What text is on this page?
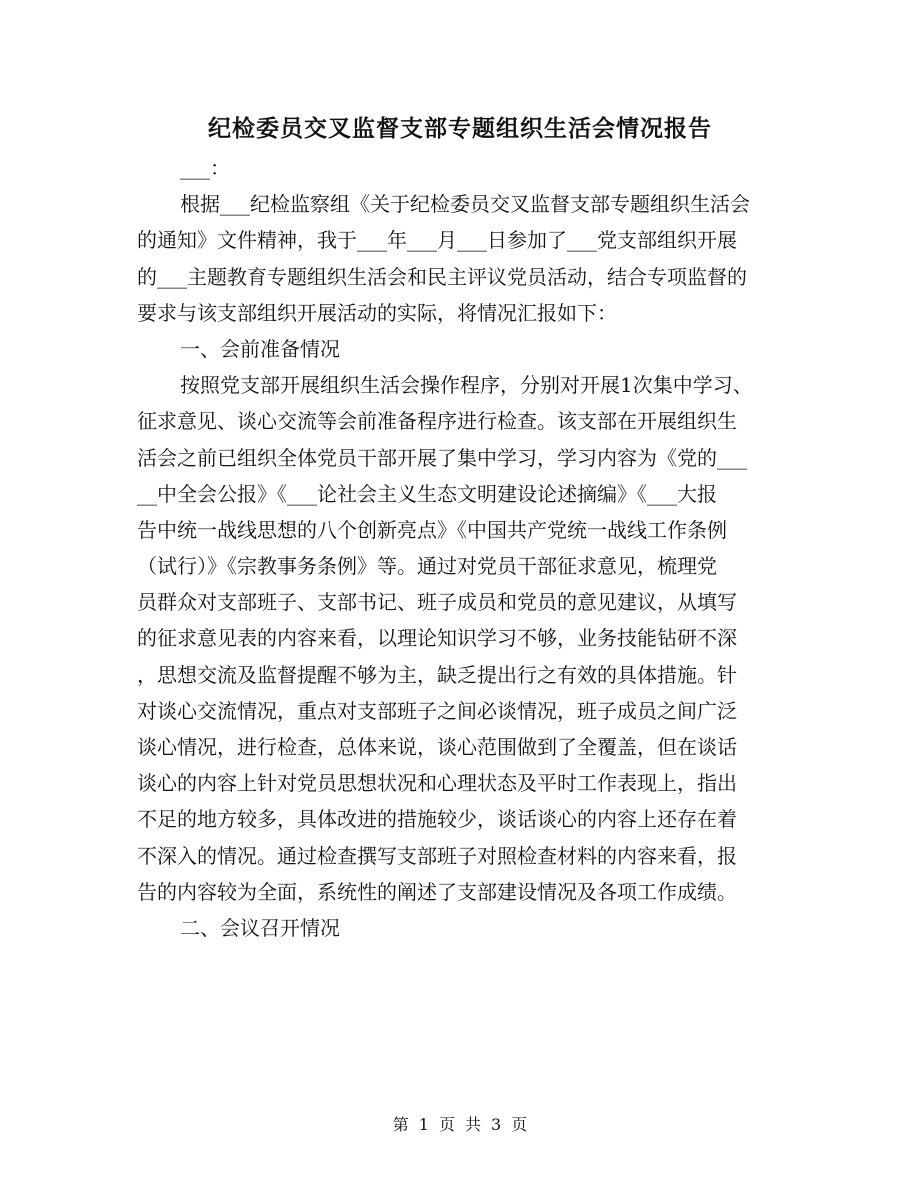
纪检委员交叉监督支部专题组织生活会情况报告
___：
根据___纪检监察组《关于纪检委员交叉监督支部专题组织生活会
的通知》文件精神，我于___年___月___日参加了___党支部组织开展
的___主题教育专题组织生活会和民主评议党员活动，结合专项监督的
要求与该支部组织开展活动的实际，将情况汇报如下：
一、会前准备情况
按照党支部开展组织生活会操作程序，分别对开展1次集中学习、
征求意见、谈心交流等会前准备程序进行检查。该支部在开展组织生
活会之前已组织全体党员干部开展了集中学习，学习内容为《党的___
__中全会公报》《___论社会主义生态文明建设论述摘编》《___大报
告中统一战线思想的八个创新亮点》《中国共产党统一战线工作条例
（试行）》《宗教事务条例》等。通过对党员干部征求意见，梳理党
员群众对支部班子、支部书记、班子成员和党员的意见建议，从填写
的征求意见表的内容来看，以理论知识学习不够，业务技能钻研不深
，思想交流及监督提醒不够为主，缺乏提出行之有效的具体措施。针
对谈心交流情况，重点对支部班子之间必谈情况，班子成员之间广泛
谈心情况，进行检查，总体来说，谈心范围做到了全覆盖，但在谈话
谈心的内容上针对党员思想状况和心理状态及平时工作表现上，指出
不足的地方较多，具体改进的措施较少，谈话谈心的内容上还存在着
不深入的情况。通过检查撰写支部班子对照检查材料的内容来看，报
告的内容较为全面，系统性的阐述了支部建设情况及各项工作成绩。
二、会议召开情况
第 1 页 共 3 页
